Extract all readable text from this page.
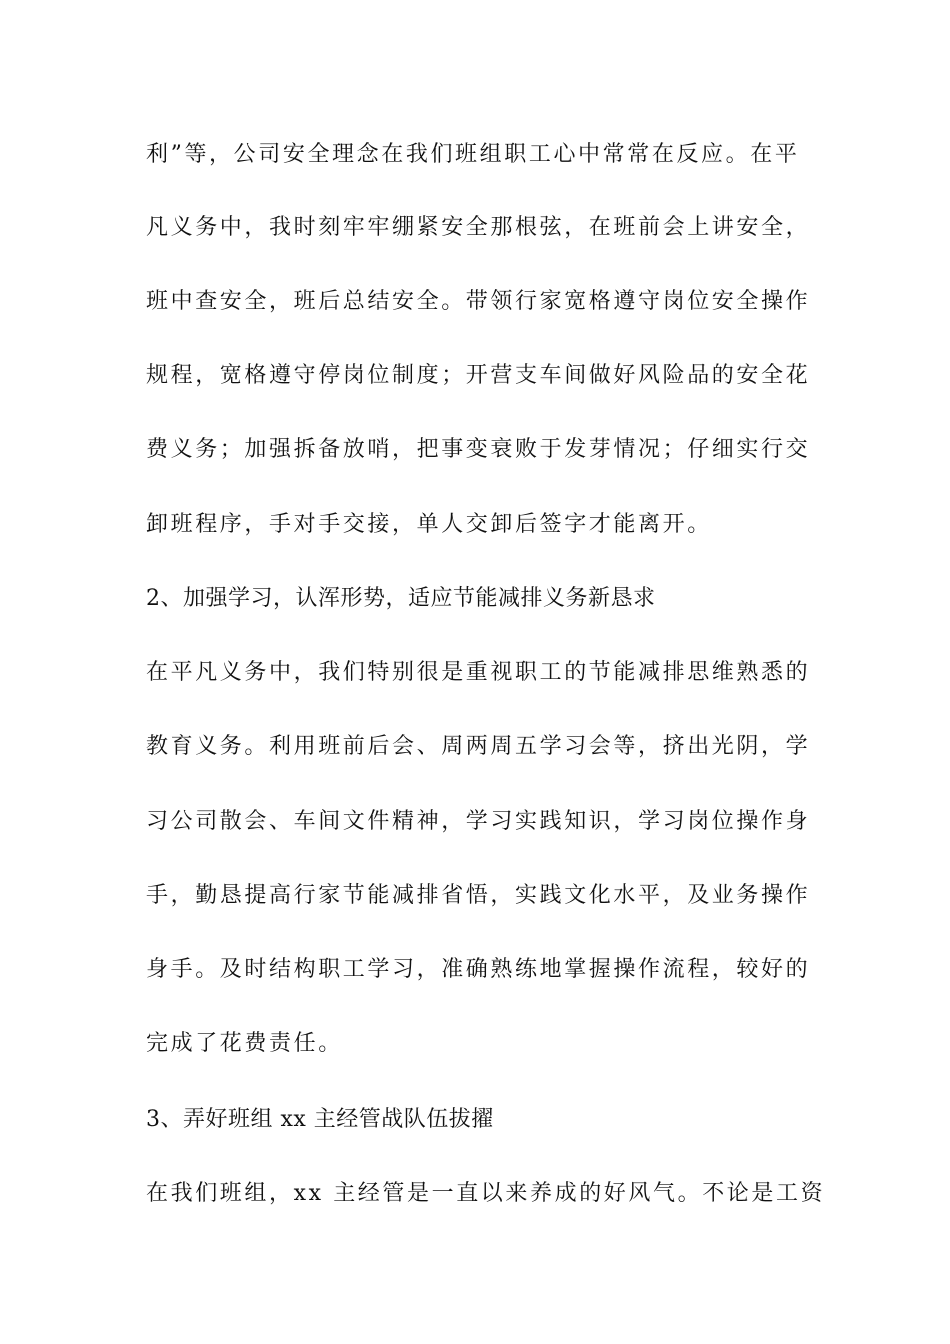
利”等，公司安全理念在我们班组职工心中常常在反应。在平
凡义务中，我时刻牢牢绷紧安全那根弦，在班前会上讲安全，
班中查安全，班后总结安全。带领行家宽格遵守岗位安全操作
规程，宽格遵守停岗位制度；开营支车间做好风险品的安全花
费义务；加强拆备放哨，把事变衰败于发芽情况；仔细实行交
卸班程序，手对手交接，单人交卸后签字才能离开。
2、加强学习，认浑形势，适应节能减排义务新恳求
在平凡义务中，我们特别很是重视职工的节能减排思维熟悉的
教育义务。利用班前后会、周两周五学习会等，挤出光阴，学
习公司散会、车间文件精神，学习实践知识，学习岗位操作身
手，勤恳提高行家节能减排省悟，实践文化水平，及业务操作
身手。及时结构职工学习，准确熟练地掌握操作流程，较好的
完成了花费责任。
3、弄好班组 xx 主经管战队伍拔擢
在我们班组，xx 主经管是一直以来养成的好风气。不论是工资
